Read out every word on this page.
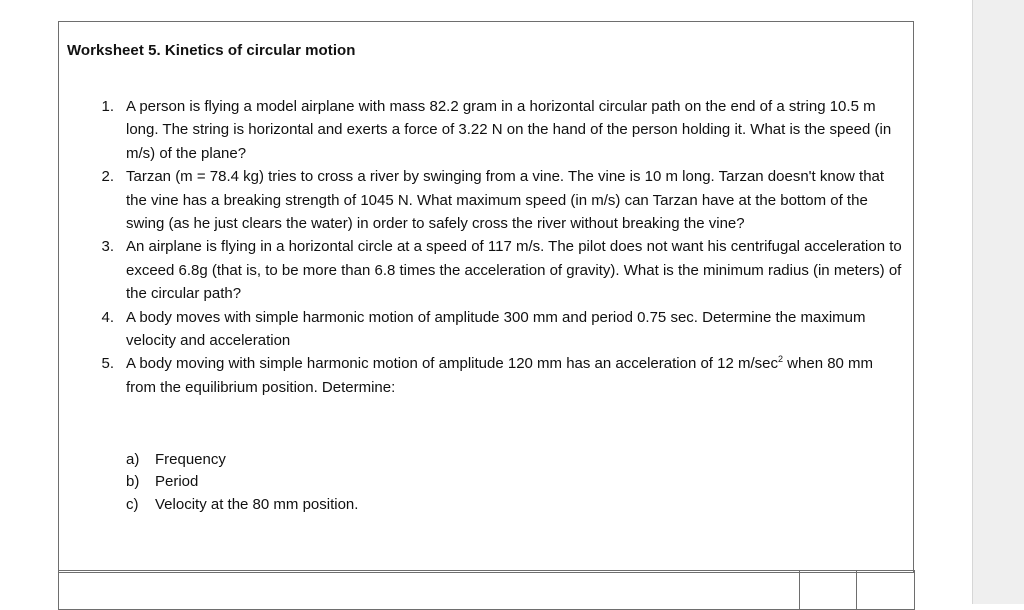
Worksheet 5. Kinetics of circular motion
1. A person is flying a model airplane with mass 82.2 gram in a horizontal circular path on the end of a string 10.5 m long. The string is horizontal and exerts a force of 3.22 N on the hand of the person holding it. What is the speed (in m/s) of the plane?
2. Tarzan (m = 78.4 kg) tries to cross a river by swinging from a vine. The vine is 10 m long. Tarzan doesn't know that the vine has a breaking strength of 1045 N. What maximum speed (in m/s) can Tarzan have at the bottom of the swing (as he just clears the water) in order to safely cross the river without breaking the vine?
3. An airplane is flying in a horizontal circle at a speed of 117 m/s. The pilot does not want his centrifugal acceleration to exceed 6.8g (that is, to be more than 6.8 times the acceleration of gravity). What is the minimum radius (in meters) of the circular path?
4. A body moves with simple harmonic motion of amplitude 300 mm and period 0.75 sec. Determine the maximum velocity and acceleration
5. A body moving with simple harmonic motion of amplitude 120 mm has an acceleration of 12 $m/\sec^2$ when 80 mm from the equilibrium position. Determine:
a) Frequency
b) Period
c) Velocity at the 80 mm position.
